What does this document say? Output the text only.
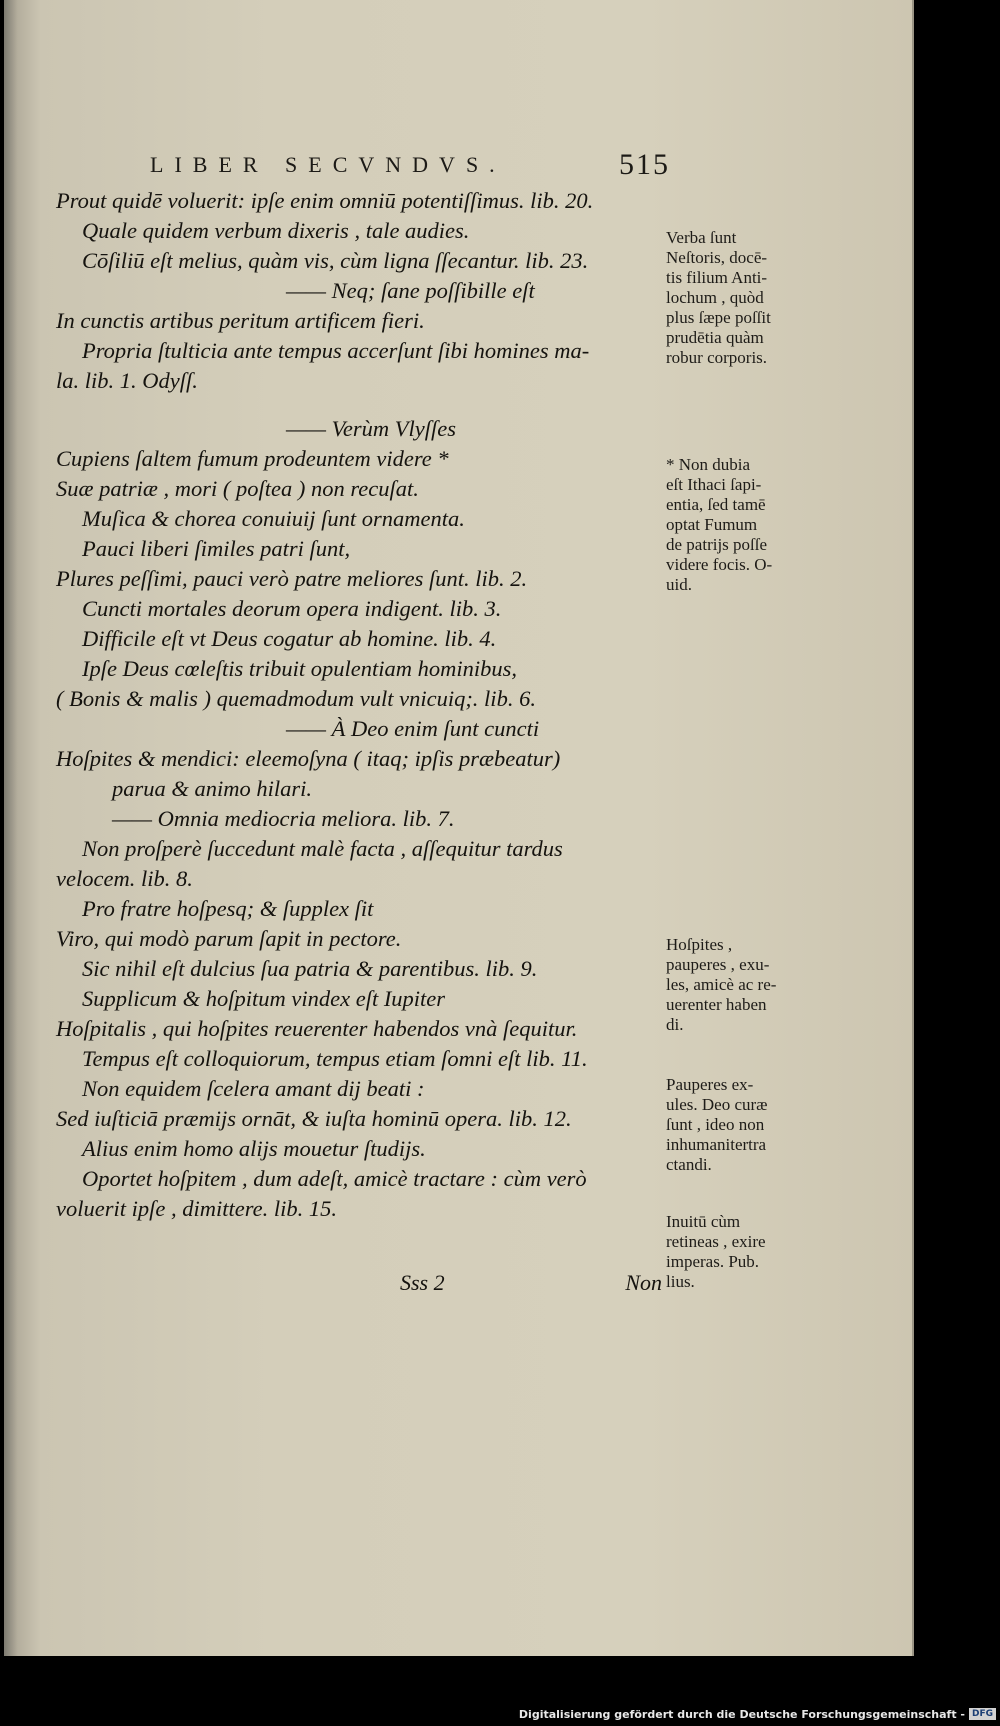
LIBER SECVNDVS.	515
Prout quidē voluerit: ipſe enim omniū potentiſſimus. lib. 20.
Quale quidem verbum dixeris , tale audies.
Cōſiliū eſt melius, quàm vis, cùm ligna ſſecantur. lib. 23.
—— Neq; ſane poſſibille eſt
In cunctis artibus peritum artificem fieri.
Propria ſtulticia ante tempus accerſunt ſibi homines ma-
la. lib. 1. Odyſſ.
—— Verùm Vlyſſes
Cupiens ſaltem fumum prodeuntem videre *
Suæ patriæ , mori ( poſtea ) non recuſat.
Muſica & chorea conuiuij ſunt ornamenta.
Pauci liberi ſimiles patri ſunt,
Plures peſſimi, pauci verò patre meliores ſunt. lib. 2.
Cuncti mortales deorum opera indigent. lib. 3.
Difficile eſt vt Deus cogatur ab homine. lib. 4.
Ipſe Deus cœleſtis tribuit opulentiam hominibus,
( Bonis & malis ) quemadmodum vult vnicuiq;. lib. 6.
—— À Deo enim ſunt cuncti
Hoſpites & mendici: eleemoſyna ( itaq; ipſis præbeatur)
parua & animo hilari.
—— Omnia mediocria meliora. lib. 7.
Non proſperè ſuccedunt malè facta , aſſequitur tardus
velocem. lib. 8.
Pro fratre hoſpesq; & ſupplex ſit
Viro, qui modò parum ſapit in pectore.
Sic nihil eſt dulcius ſua patria & parentibus. lib. 9.
Supplicum & hoſpitum vindex eſt Iupiter
Hoſpitalis , qui hoſpites reuerenter habendos vnà ſequitur.
Tempus eſt colloquiorum, tempus etiam ſomni eſt lib. 11.
Non equidem ſcelera amant dij beati :
Sed iuſticiā præmijs ornāt, & iuſta hominū opera. lib. 12.
Alius enim homo alijs mouetur ſtudijs.
Oportet hoſpitem , dum adeſt, amicè tractare : cùm verò
voluerit ipſe , dimittere. lib. 15.
Verba ſunt
Neſtoris, docē-
tis filium Anti-
lochum , quòd
plus ſæpe poſſit
prudētia quàm
robur corporis.
* Non dubia
eſt Ithaci ſapi-
entia, ſed tamē
optat Fumum
de patrijs poſſe
videre focis. O-
uid.
Hoſpites ,
pauperes , exu-
les, amicè ac re-
uerenter haben
di.
Pauperes ex-
ules. Deo curæ
ſunt , ideo non
inhumanitertra
ctandi.
Inuitū cùm
retineas , exire
imperas. Pub.
lius.
Sss 2	Non
Digitalisierung gefördert durch die Deutsche Forschungsgemeinschaft - DFG
